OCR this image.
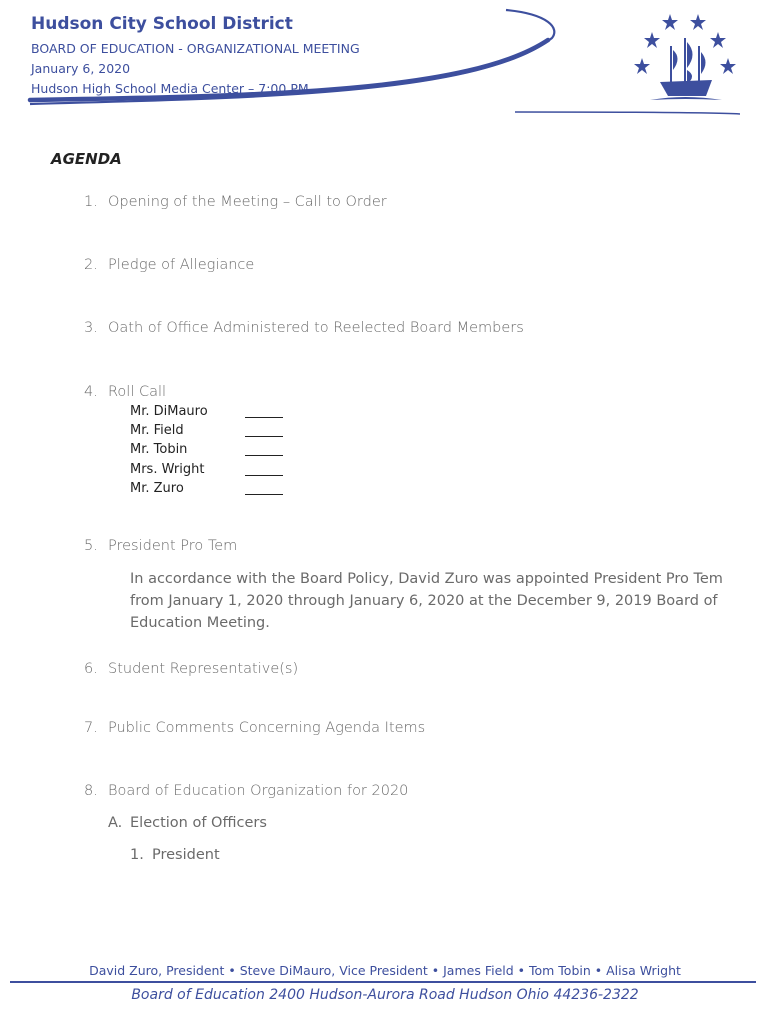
Hudson City School District

BOARD OF EDUCATION - ORGANIZATIONAL MEETING

January 6, 2020

Hudson High School Media Center – 7:00 PM

AGENDA
1. Opening of the Meeting – Call to Order
2. Pledge of Allegiance
3. Oath of Office Administered to Reelected Board Members
4. Roll Call
Mr. DiMauro
Mr. Field
Mr. Tobin
Mrs. Wright
Mr. Zuro
5. President Pro Tem

In accordance with the Board Policy, David Zuro was appointed President Pro Tem from January 1, 2020 through January 6, 2020 at the December 9, 2019 Board of Education Meeting.

6. Student Representative(s)
7. Public Comments Concerning Agenda Items
8. Board of Education Organization for 2020
A. Election of Officers
1. President
David Zuro, President • Steve DiMauro, Vice President • James Field • Tom Tobin • Alisa Wright
Board of Education 2400 Hudson-Aurora Road Hudson Ohio 44236-2322
